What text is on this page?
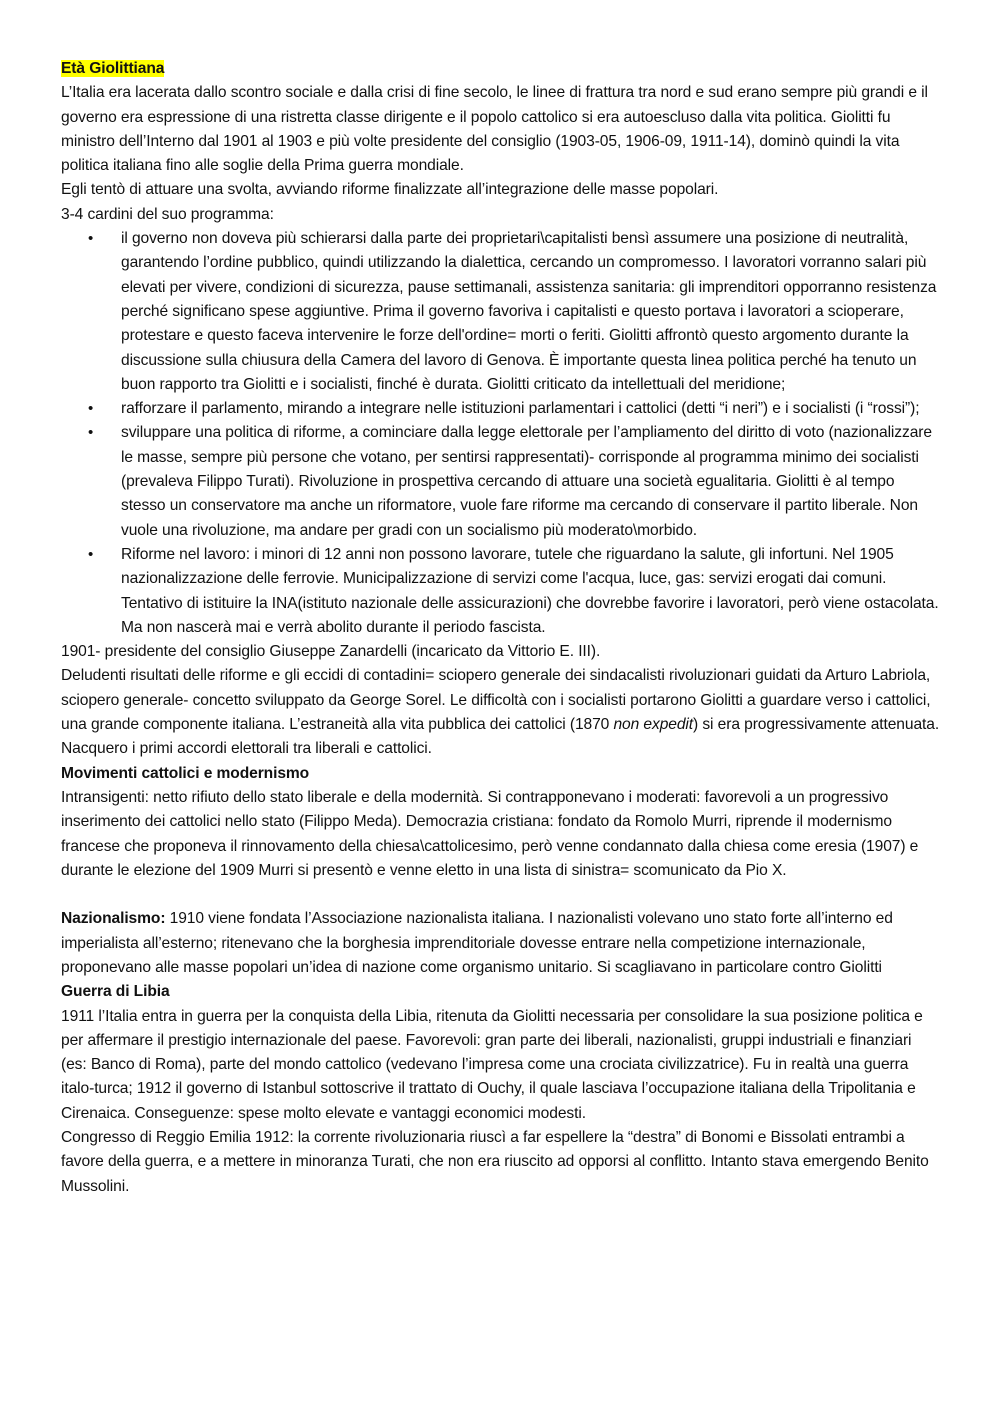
Età Giolittiana

L’Italia era lacerata dallo scontro sociale e dalla crisi di fine secolo, le linee di frattura tra nord e sud erano sempre più grandi e il governo era espressione di una ristretta classe dirigente e il popolo cattolico si era autoescluso dalla vita politica. Giolitti fu ministro dell’Interno dal 1901 al 1903 e più volte presidente del consiglio (1903-05, 1906-09, 1911-14), dominò quindi la vita politica italiana fino alle soglie della Prima guerra mondiale.

Egli tentò di attuare una svolta, avviando riforme finalizzate all’integrazione delle masse popolari.

3-4 cardini del suo programma:

• il governo non doveva più schierarsi dalla parte dei proprietari\capitalisti bensì assumere una posizione di neutralità, garantendo l’ordine pubblico, quindi utilizzando la dialettica, cercando un compromesso. I lavoratori vorranno salari più elevati per vivere, condizioni di sicurezza, pause settimanali, assistenza sanitaria: gli imprenditori opporranno resistenza perché significano spese aggiuntive. Prima il governo favoriva i capitalisti e questo portava i lavoratori a scioperare, protestare e questo faceva intervenire le forze dell'ordine= morti o feriti. Giolitti affrontò questo argomento durante la discussione sulla chiusura della Camera del lavoro di Genova. È importante questa linea politica perché ha tenuto un buon rapporto tra Giolitti e i socialisti, finché è durata. Giolitti criticato da intellettuali del meridione;
• rafforzare il parlamento, mirando a integrare nelle istituzioni parlamentari i cattolici (detti “i neri”) e i socialisti (i “rossi”);
• sviluppare una politica di riforme, a cominciare dalla legge elettorale per l’ampliamento del diritto di voto (nazionalizzare le masse, sempre più persone che votano, per sentirsi rappresentati)- corrisponde al programma minimo dei socialisti (prevaleva Filippo Turati). Rivoluzione in prospettiva cercando di attuare una società egualitaria. Giolitti è al tempo stesso un conservatore ma anche un riformatore, vuole fare riforme ma cercando di conservare il partito liberale. Non vuole una rivoluzione, ma andare per gradi con un socialismo più moderato\morbido.
• Riforme nel lavoro: i minori di 12 anni non possono lavorare, tutele che riguardano la salute, gli infortuni. Nel 1905 nazionalizzazione delle ferrovie. Municipalizzazione di servizi come l'acqua, luce, gas: servizi erogati dai comuni. Tentativo di istituire la INA(istituto nazionale delle assicurazioni) che dovrebbe favorire i lavoratori, però viene ostacolata. Ma non nascerà mai e verrà abolito durante il periodo fascista.

1901- presidente del consiglio Giuseppe Zanardelli (incaricato da Vittorio E. III).

Deludenti risultati delle riforme e gli eccidi di contadini= sciopero generale dei sindacalisti rivoluzionari guidati da Arturo Labriola, sciopero generale- concetto sviluppato da George Sorel. Le difficoltà con i socialisti portarono Giolitti a guardare verso i cattolici, una grande componente italiana. L’estraneità alla vita pubblica dei cattolici (1870 non expedit) si era progressivamente attenuata. Nacquero i primi accordi elettorali tra liberali e cattolici.

Movimenti cattolici e modernismo

Intransigenti: netto rifiuto dello stato liberale e della modernità. Si contrapponevano i moderati: favorevoli a un progressivo inserimento dei cattolici nello stato (Filippo Meda). Democrazia cristiana: fondato da Romolo Murri, riprende il modernismo francese che proponeva il rinnovamento della chiesa\cattolicesimo, però venne condannato dalla chiesa come eresia (1907) e durante le elezione del 1909 Murri si presentò e venne eletto in una lista di sinistra= scomunicato da Pio X.

Nazionalismo: 1910 viene fondata l’Associazione nazionalista italiana. I nazionalisti volevano uno stato forte all’interno ed imperialista all’esterno; ritenevano che la borghesia imprenditoriale dovesse entrare nella competizione internazionale, proponevano alle masse popolari un’idea di nazione come organismo unitario. Si scagliavano in particolare contro Giolitti

Guerra di Libia

1911 l’Italia entra in guerra per la conquista della Libia, ritenuta da Giolitti necessaria per consolidare la sua posizione politica e per affermare il prestigio internazionale del paese. Favorevoli: gran parte dei liberali, nazionalisti, gruppi industriali e finanziari (es: Banco di Roma), parte del mondo cattolico (vedevano l’impresa come una crociata civilizzatrice). Fu in realtà una guerra italo-turca; 1912 il governo di Istanbul sottoscrive il trattato di Ouchy, il quale lasciava l’occupazione italiana della Tripolitania e Cirenaica. Conseguenze: spese molto elevate e vantaggi economici modesti.

Congresso di Reggio Emilia 1912: la corrente rivoluzionaria riuscì a far espellere la “destra” di Bonomi e Bissolati entrambi a favore della guerra, e a mettere in minoranza Turati, che non era riuscito ad opporsi al conflitto. Intanto stava emergendo Benito Mussolini.
